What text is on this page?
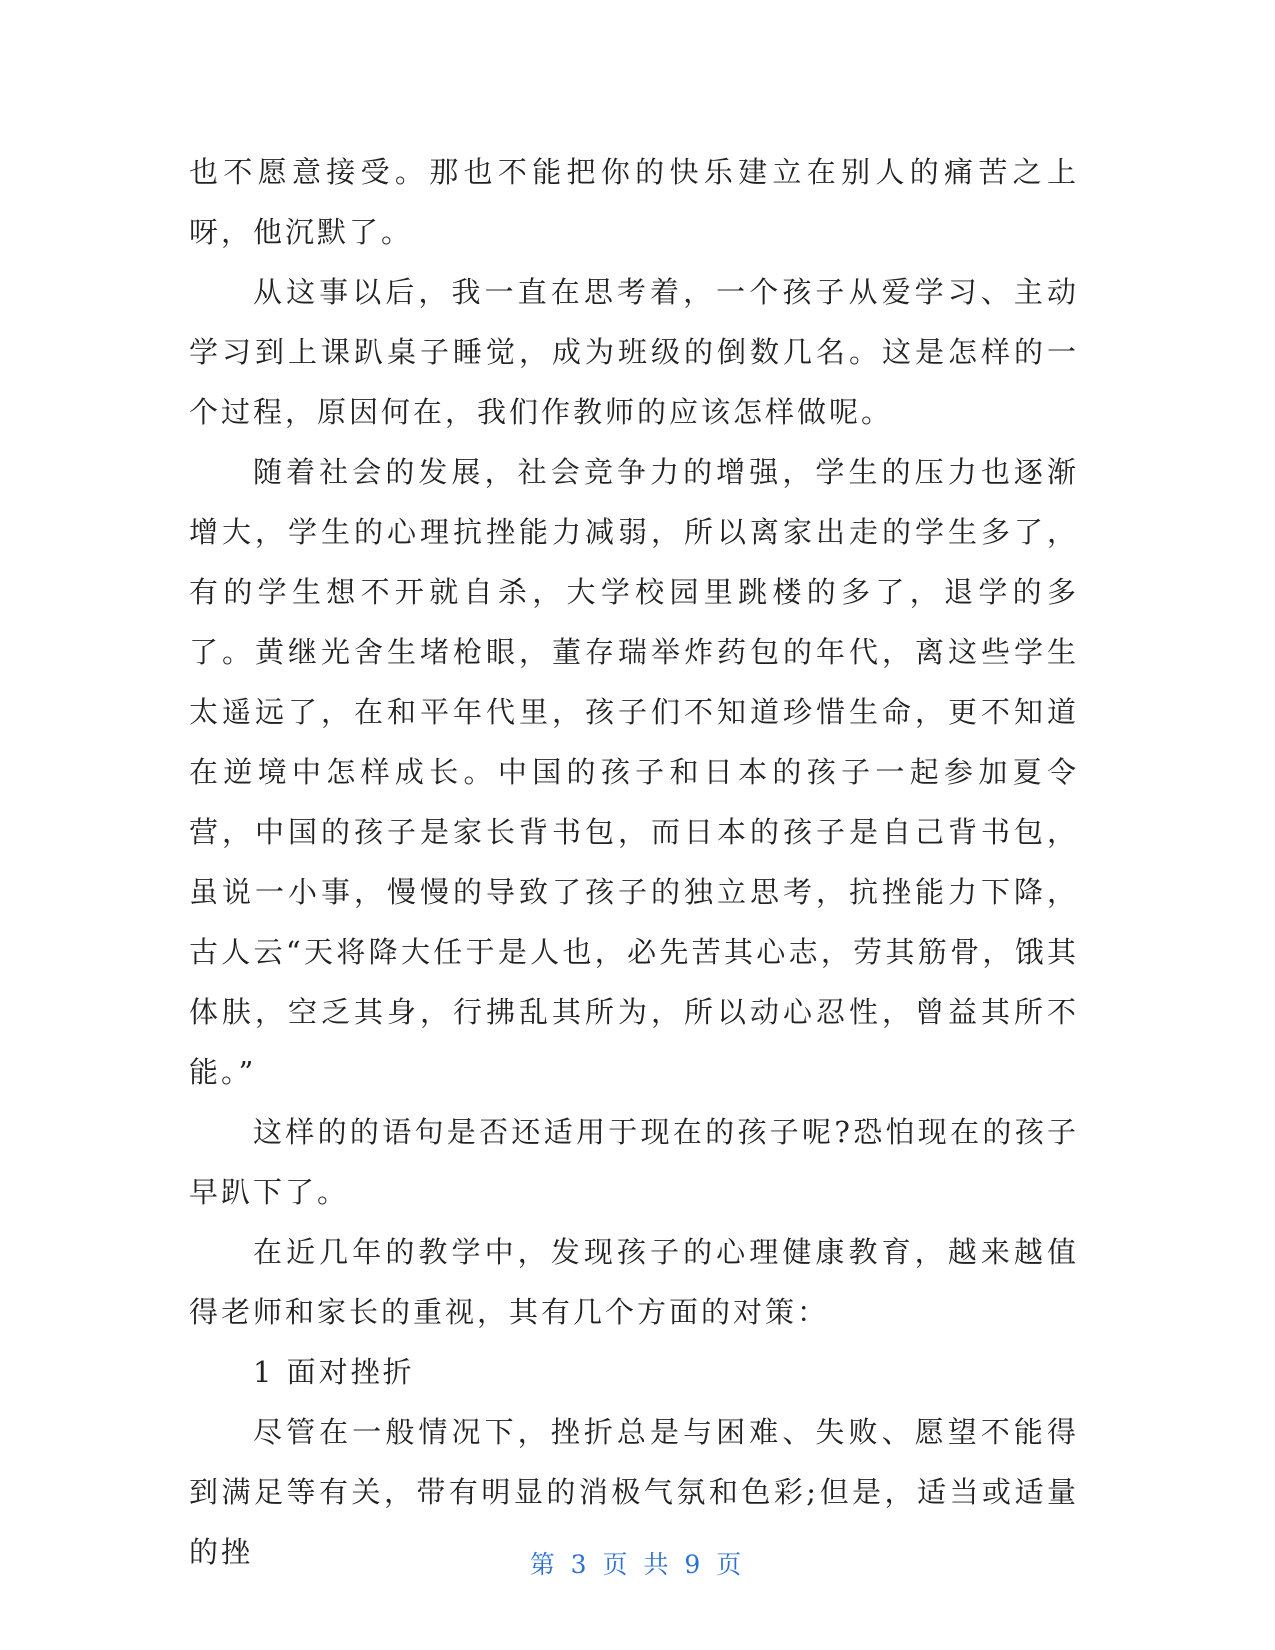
也不愿意接受。那也不能把你的快乐建立在别人的痛苦之上呀，他沉默了。

从这事以后，我一直在思考着，一个孩子从爱学习、主动学习到上课趴桌子睡觉，成为班级的倒数几名。这是怎样的一个过程，原因何在，我们作教师的应该怎样做呢。

随着社会的发展，社会竞争力的增强，学生的压力也逐渐增大，学生的心理抗挫能力减弱，所以离家出走的学生多了，有的学生想不开就自杀，大学校园里跳楼的多了，退学的多了。黄继光舍生堵枪眼，董存瑞举炸药包的年代，离这些学生太遥远了，在和平年代里，孩子们不知道珍惜生命，更不知道在逆境中怎样成长。中国的孩子和日本的孩子一起参加夏令营，中国的孩子是家长背书包，而日本的孩子是自己背书包，虽说一小事，慢慢的导致了孩子的独立思考，抗挫能力下降，古人云“天将降大任于是人也，必先苦其心志，劳其筋骨，饿其体肤，空乏其身，行拂乱其所为，所以动心忍性，曾益其所不能。”

这样的的语句是否还适用于现在的孩子呢?恐怕现在的孩子早趴下了。

在近几年的教学中，发现孩子的心理健康教育，越来越值得老师和家长的重视，其有几个方面的对策：

1 面对挫折

尽管在一般情况下，挫折总是与困难、失败、愿望不能得到满足等有关，带有明显的消极气氛和色彩;但是，适当或适量的挫	第 3 页 共 9 页
